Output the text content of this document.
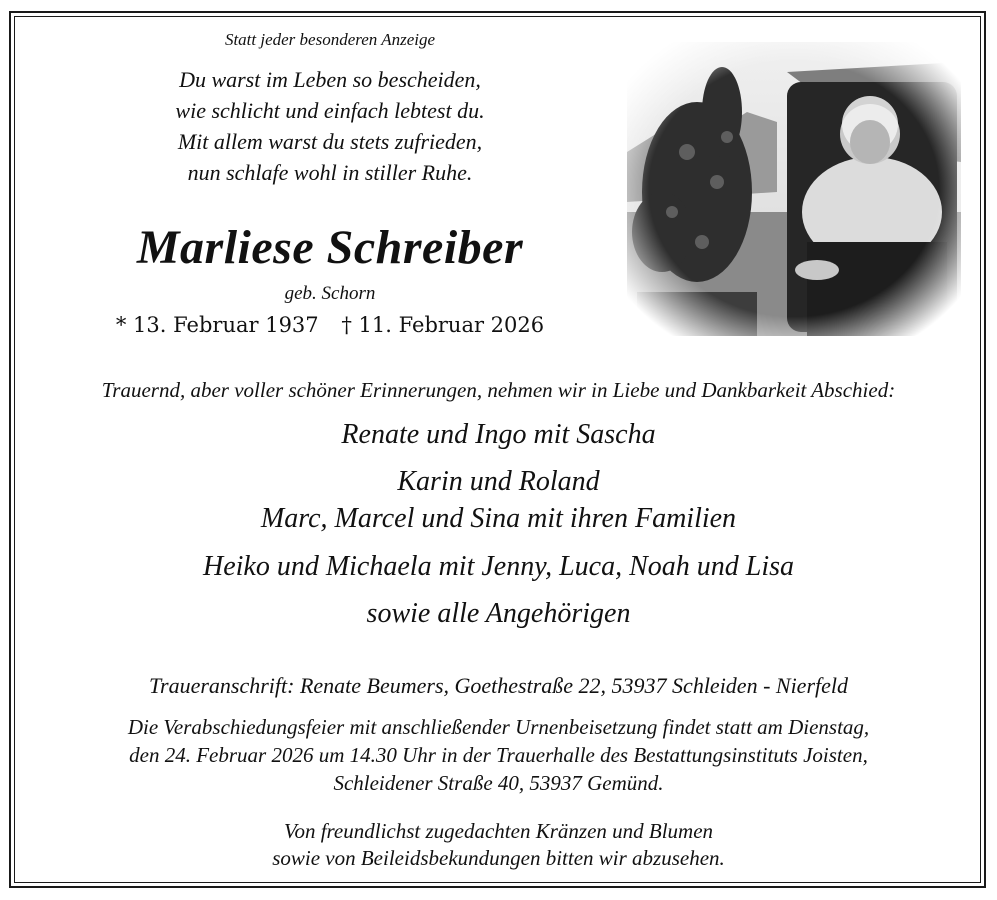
Statt jeder besonderen Anzeige
Du warst im Leben so bescheiden,
wie schlicht und einfach lebtest du.
Mit allem warst du stets zufrieden,
nun schlafe wohl in stiller Ruhe.
Marliese Schreiber
geb. Schorn
* 13. Februar 1937 † 11. Februar 2026
Trauernd, aber voller schöner Erinnerungen, nehmen wir in Liebe und Dankbarkeit Abschied:
Renate und Ingo mit Sascha
Karin und Roland
Marc, Marcel und Sina mit ihren Familien
Heiko und Michaela mit Jenny, Luca, Noah und Lisa
sowie alle Angehörigen
Traueranschrift: Renate Beumers, Goethestraße 22, 53937 Schleiden - Nierfeld
Die Verabschiedungsfeier mit anschließender Urnenbeisetzung findet statt am Dienstag,
den 24. Februar 2026 um 14.30 Uhr in der Trauerhalle des Bestattungsinstituts Joisten,
Schleidener Straße 40, 53937 Gemünd.
Von freundlichst zugedachten Kränzen und Blumen
sowie von Beileidsbekundungen bitten wir abzusehen.
